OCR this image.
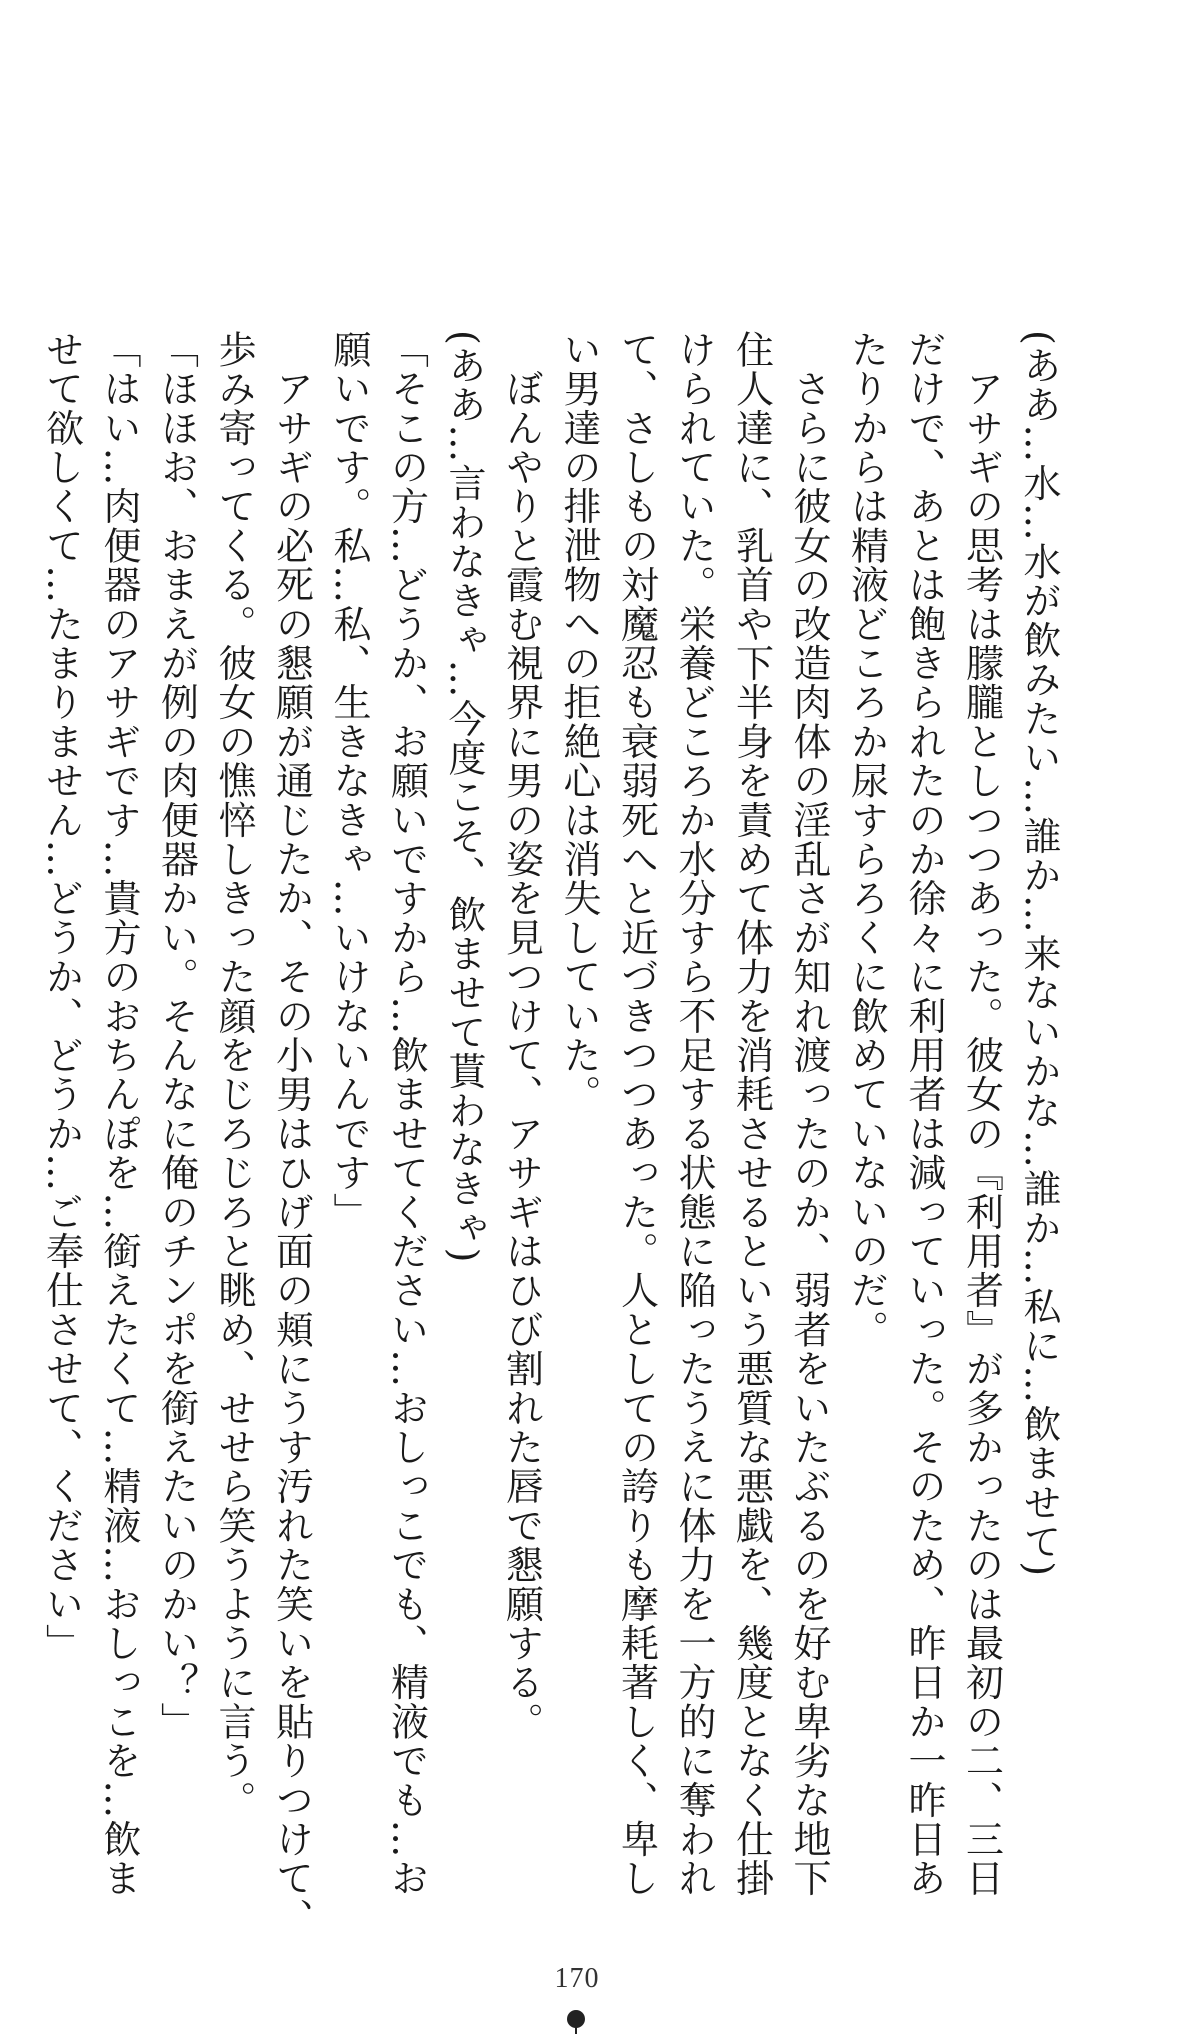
(ああ…水…水が飲みたい…誰か…来ないかな…誰か…私に…飲ませて)

　アサギの思考は朦朧としつつあった。彼女の『利用者』が多かったのは最初の二、三日

だけで、あとは飽きられたのか徐々に利用者は減っていった。そのため、昨日か一昨日あ

たりからは精液どころか尿すらろくに飲めていないのだ。

　さらに彼女の改造肉体の淫乱さが知れ渡ったのか、弱者をいたぶるのを好む卑劣な地下

住人達に、乳首や下半身を責めて体力を消耗させるという悪質な悪戯を、幾度となく仕掛

けられていた。栄養どころか水分すら不足する状態に陥ったうえに体力を一方的に奪われ

て、さしもの対魔忍も衰弱死へと近づきつつあった。人としての誇りも摩耗著しく、卑し

い男達の排泄物への拒絶心は消失していた。

　ぼんやりと霞む視界に男の姿を見つけて、アサギはひび割れた唇で懇願する。

(ああ…言わなきゃ…今度こそ、飲ませて貰わなきゃ)

「そこの方…どうか、お願いですから…飲ませてください…おしっこでも、精液でも…お

願いです。私…私、生きなきゃ…いけないんです」

　アサギの必死の懇願が通じたか、その小男はひげ面の頬にうす汚れた笑いを貼りつけて、

歩み寄ってくる。彼女の憔悴しきった顔をじろじろと眺め、せせら笑うように言う。

「ほほお、おまえが例の肉便器かい。そんなに俺のチンポを銜えたいのかい？」

「はい…肉便器のアサギです…貴方のおちんぽを…銜えたくて…精液…おしっこを…飲ま

せて欲しくて…たまりません…どうか、どうか…ご奉仕させて、ください」

170
